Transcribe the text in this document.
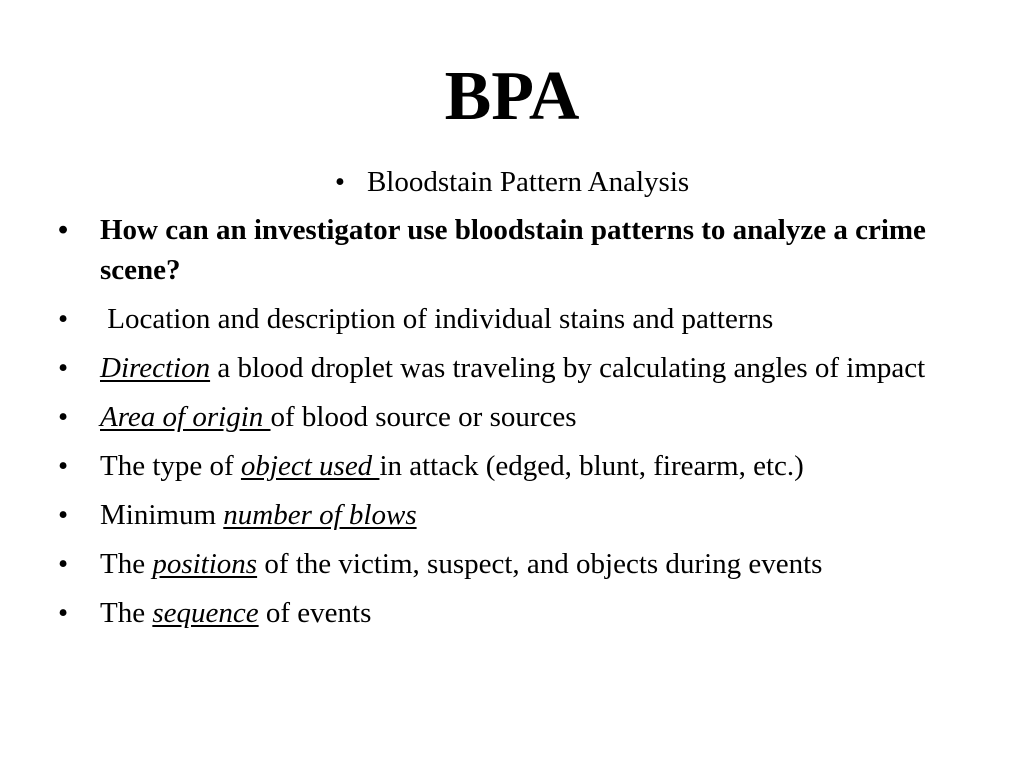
BPA
• Bloodstain Pattern Analysis
• How can an investigator use bloodstain patterns to analyze a crime scene?
• Location and description of individual stains and patterns
• Direction a blood droplet was traveling by calculating angles of impact
• Area of origin of blood source or sources
• The type of object used in attack (edged, blunt, firearm, etc.)
• Minimum number of blows
• The positions of the victim, suspect, and objects during events
• The sequence of events
